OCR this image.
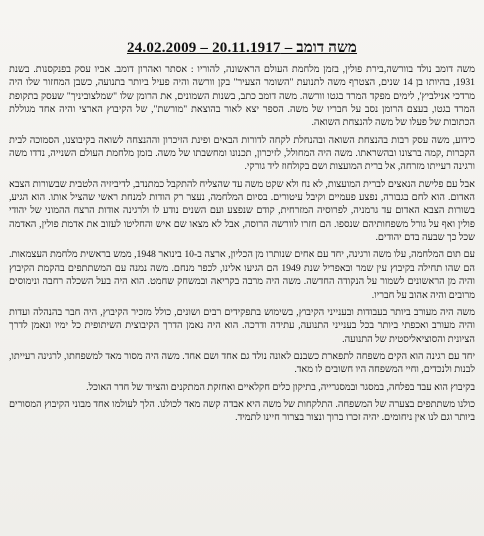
משה דומב – 20.11.1917 – 24.02.2009

משה דומב נולד בוורשה,בירת פולין, בזמן מלחמת העולם הראשונה, להוריו : אסתר ואהרון דומב. אביו עסק בפנקסנות. בשנת 1931, בהיותו בן 14 שנים, הצטרף משה לתנועת "השומר הצעיר" בקן וורשה והיה פעיל ביותר בתנועה, כשבן המחזור שלו היה מרדכי אנילביץ', לימים מפקד המרד בגטו וורשה. משה דומב כתב, בשנות השמונים, את הרומן שלו "שמלצוביניך" שעסק בתקופת המרד בגטו, בעצם הרומן נסב על חבריו של משה. הספר יצא לאור בהוצאת "מורשת", של הקיבוץ הארצי והיה אחד מגוללת הכתובות של פעלו של משה להנצחת השואה.

כידוע, משה עסק רבות בהנצחת השואה ובהנחלת לקחה לדורות הבאים ופינת הזיכרון וההנצחה לשואה בקיבוצנו, הסמוכה לבית הקברות ,קמה ברצונו ובהשראתו. משה היה המחולל, לזיכרון, תכנונו ומחשבתו של משה. בזמן מלחמת העולם השנייה, נדדו משה ורגינה רעייתו מזרחה, אל ברית המועצות ושם בקולחוז ליד גורקי.

אבל עם פלישת הנאצים לברית המועצות, לא נח ולא שקט משה עד שהצליח להתקבל כמתנדב, לדיביזיה הלטבית שבשורות הצבא האדום. הוא לחם בגבורה, נפצע פעמיים וקיבל עיטורים. בסיום המלחמה, נעצר רק הודות למנחת ראשי שהציל אותו. הוא הגיע, בשורות הצבא האדום עד גרמניה, לפרוסיה המזרחית, קודם שנפצע ועם השנים נודע לו ולרגינה אודות הרצח ההמוני של יהודי פולין ואף על גורל משפחותיהם שנספו. הם חזרו לוורשה הרוסה, אבל לא מצאו שם איש והחליטו לעזוב את אדמת פולין, האדמה שכל כך שבעה בדם יהודים.

עם תום המלחמה, עלו משה ורגינה, יחד עם אחים שנותרו מן הכליון, ארצה ב-10 בינואר 1948, ממש בראשית מלחמת העצמאות. הם שהו תחילה בקיבוץ עין שמר ובאפריל שנת 1949 הם הגיעו אלינו, לכפר מנחם. משה נמנה עם המשתתפים בהקמת הקיבוץ והיה מן הראשונים לשמור על הנקודה החדשה. משה היה מרבה בקריאה ובמשחק שחמט. הוא היה בעל השכלה רחבה ונימוסים מרובים והיה אהוב על חבריו.

משה היה מעורב ביותר בעבודות ובענייני הקיבוץ, בשימוש בתפקידים רבים ושונים, כולל מזכיר הקיבוץ, היה חבר בהנהלה ועדות והיה מעורב ואכפתי ביותר בכל בענייני התנועה, עתידה ודרכה. הוא היה נאמן הדרך הקיבוצית השיתופית כל ימיו ונאמן לדרך הציונית והסוציאליסטית של התנועה.

יחד עם רגינה הוא הקים משפחה לתפארת כשבנם לאונה נולד גם אחד ושם אחד. משה היה מסור מאד למשפחתו, לרגינה רעייתו, לבנות ולנכדים, וחיי המשפחה היו חשובים לו מאד.

בקיבוץ הוא עבד בפלחה, במסגר ובמסגרייה, בתיקון כלים חקלאיים ואחזקת המתקנים והציוד של חדר האוכל.

כולנו משתתפים בצערה של המשפחה. התלקחות של משה היא אבדה קשה מאד לכולנו. הלך לעולמו אחד מבוני הקיבוץ המסורים ביותר וגם לנו אין ניחומים. יהיה זכרו ברוך ונצור בצרור חיינו לתמיד.
